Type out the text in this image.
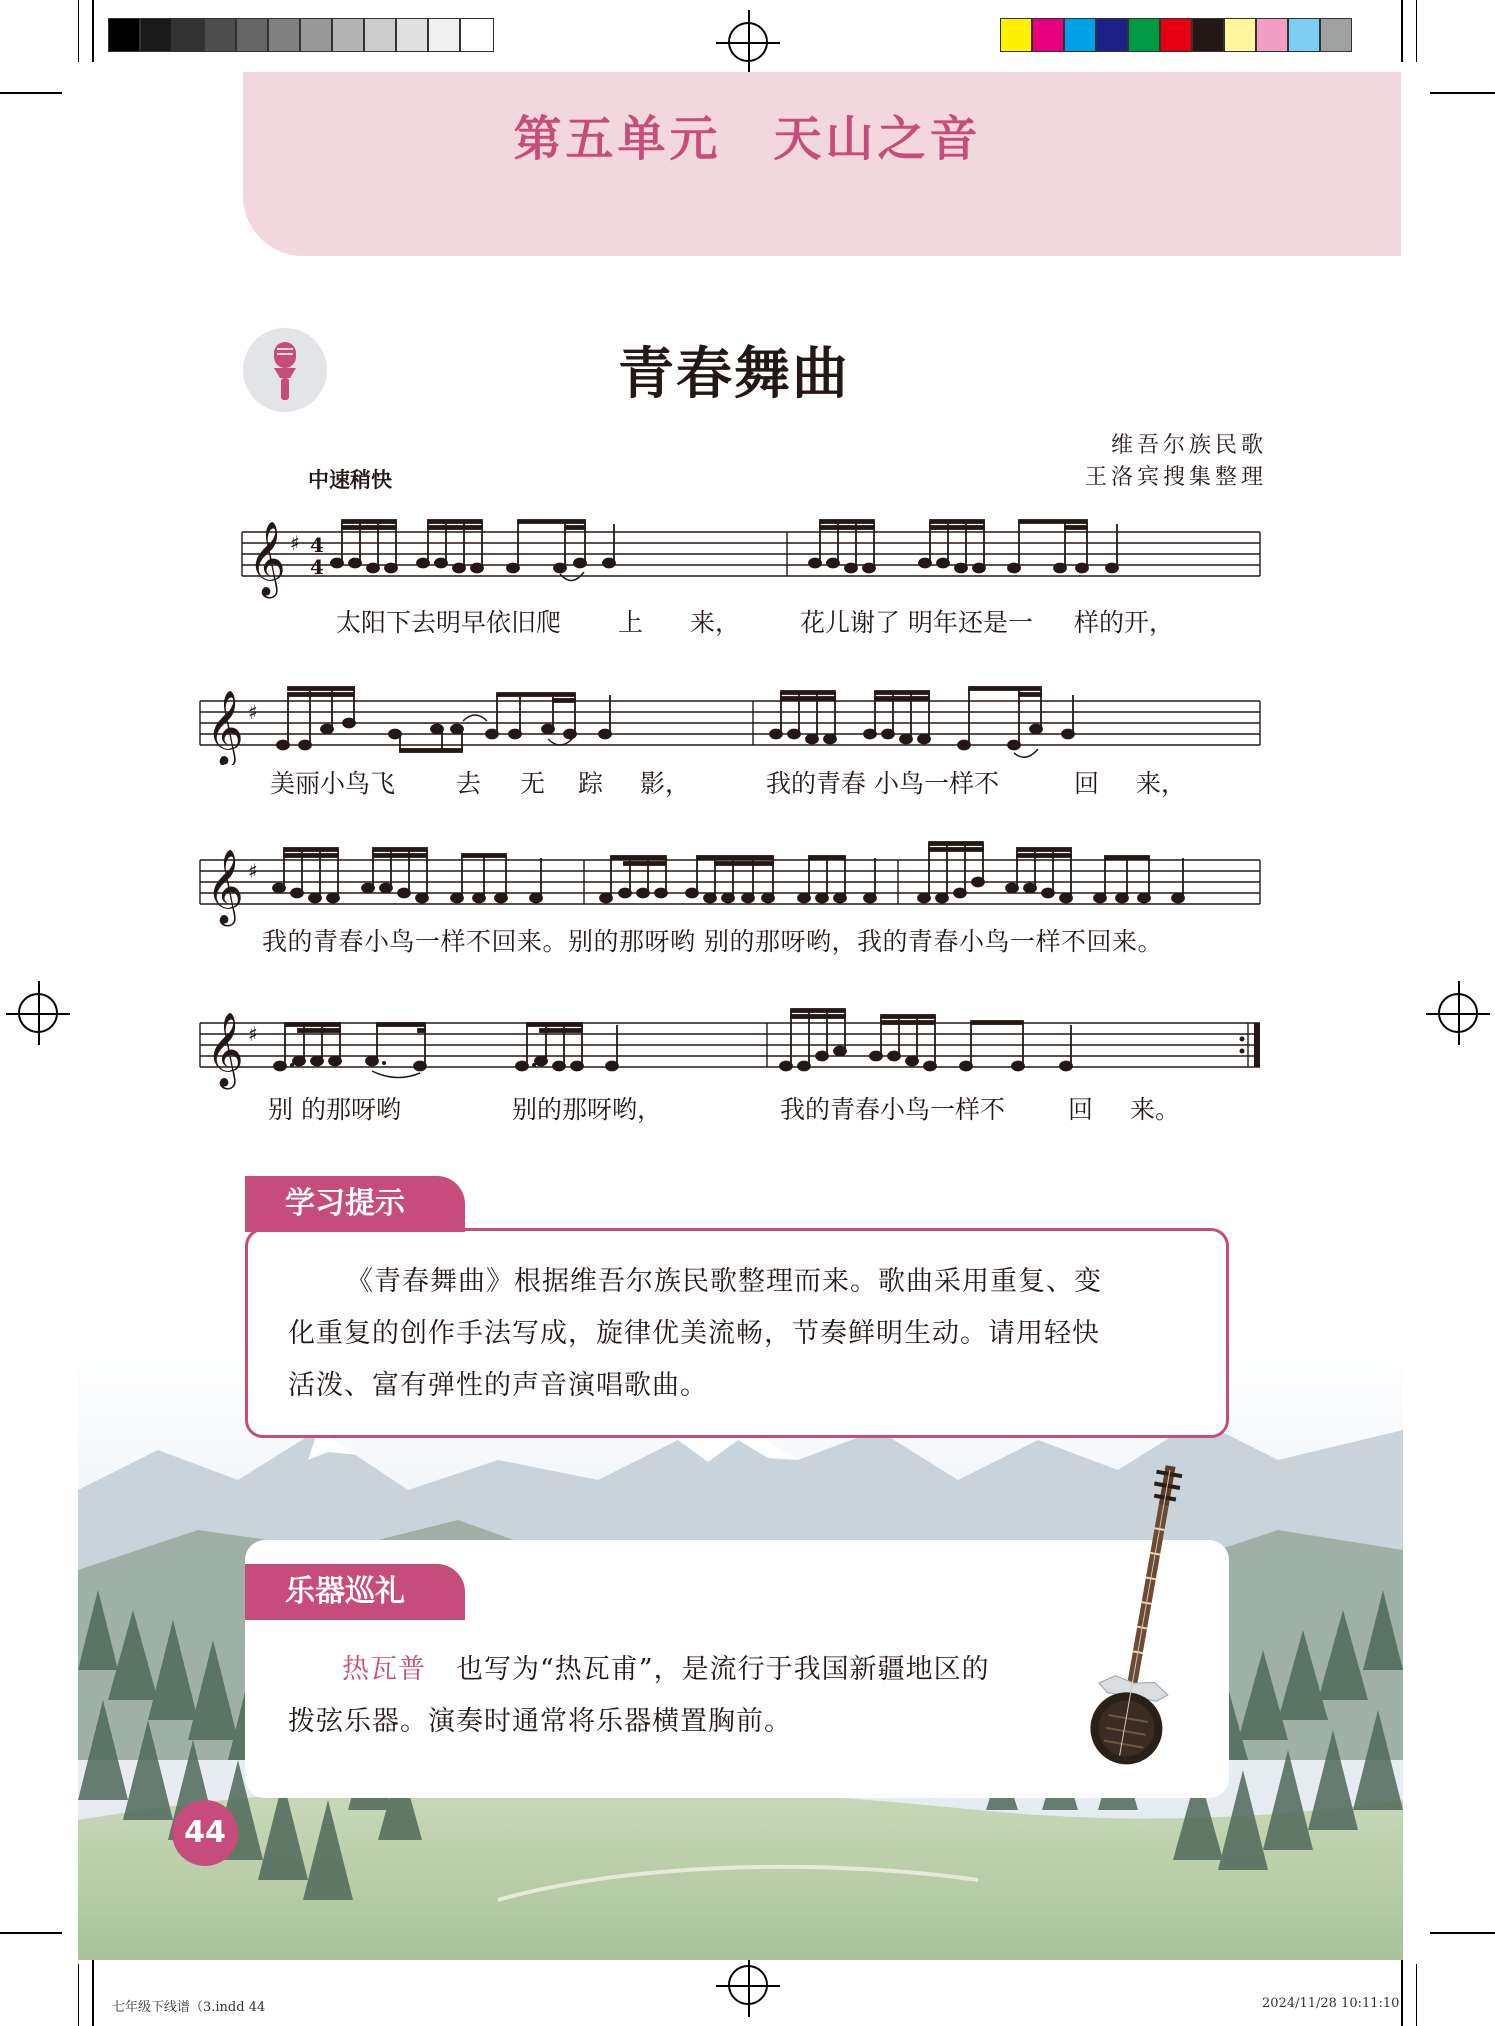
第五单元　天山之音
青春舞曲
维吾尔族民歌
王洛宾搜集整理
中速稍快
𝄞 ♯ 4
4
太阳下去明早依旧爬 上 来， 花儿谢了 明年还是一 样的开，
𝄞 ♯
美丽小鸟飞 去 无 踪 影，	我的青春 小鸟一样不	回 来，
𝄞 ♯
我的青春小鸟一样不回来。别的那呀哟 别的那呀哟，我的青春小鸟一样不回来。
𝄞 ♯
别 的那呀哟	别的那呀哟，	我的青春小鸟一样不	回 来。
学习提示
《青春舞曲》根据维吾尔族民歌整理而来。歌曲采用重复、变
化重复的创作手法写成，旋律优美流畅，节奏鲜明生动。请用轻快
活泼、富有弹性的声音演唱歌曲。
乐器巡礼
热瓦普 也写为“热瓦甫”，是流行于我国新疆地区的
拨弦乐器。演奏时通常将乐器横置胸前。
44
七年级下线谱（3.indd 44	2024/11/28 10:11:10
